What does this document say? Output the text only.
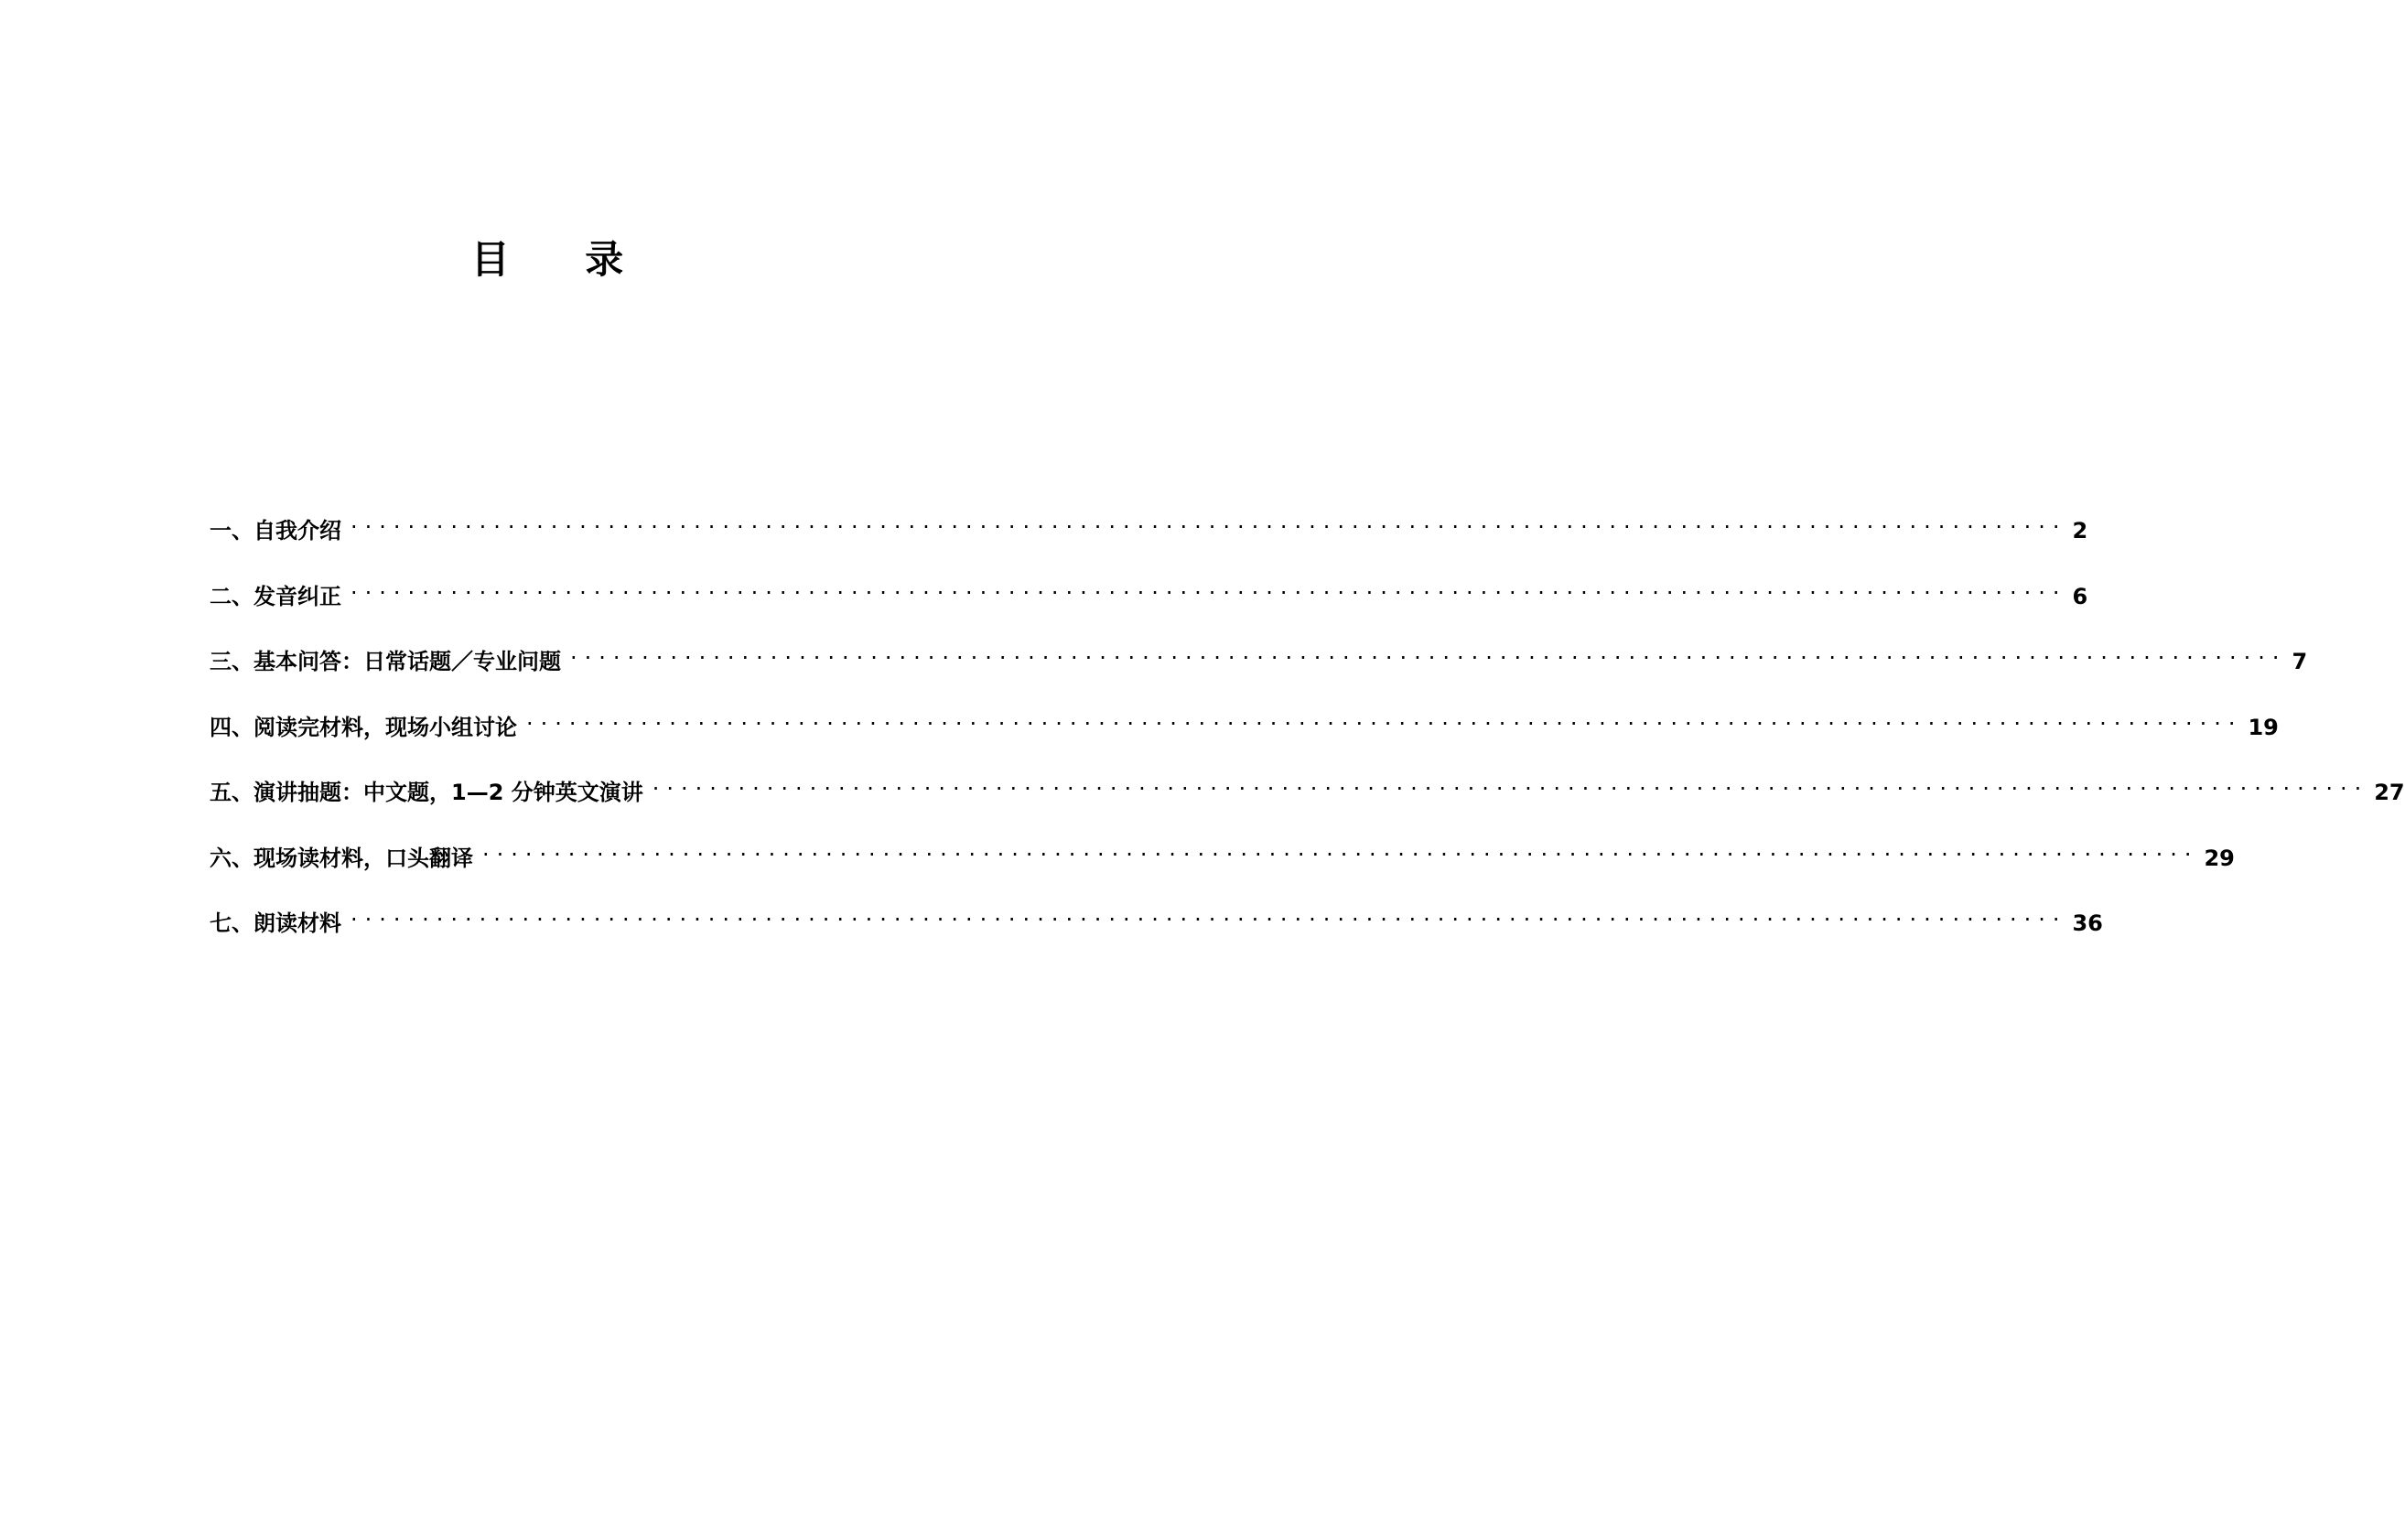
目 录
一、自我介绍 ························································································································ 2
二、发音纠正 ························································································································ 6
三、基本问答：日常话题／专业问题 ························································································································ 7
四、阅读完材料，现场小组讨论 ························································································································ 19
五、演讲抽题：中文题，1—2 分钟英文演讲 ························································································································ 27
六、现场读材料，口头翻译 ························································································································ 29
七、朗读材料 ························································································································ 36
